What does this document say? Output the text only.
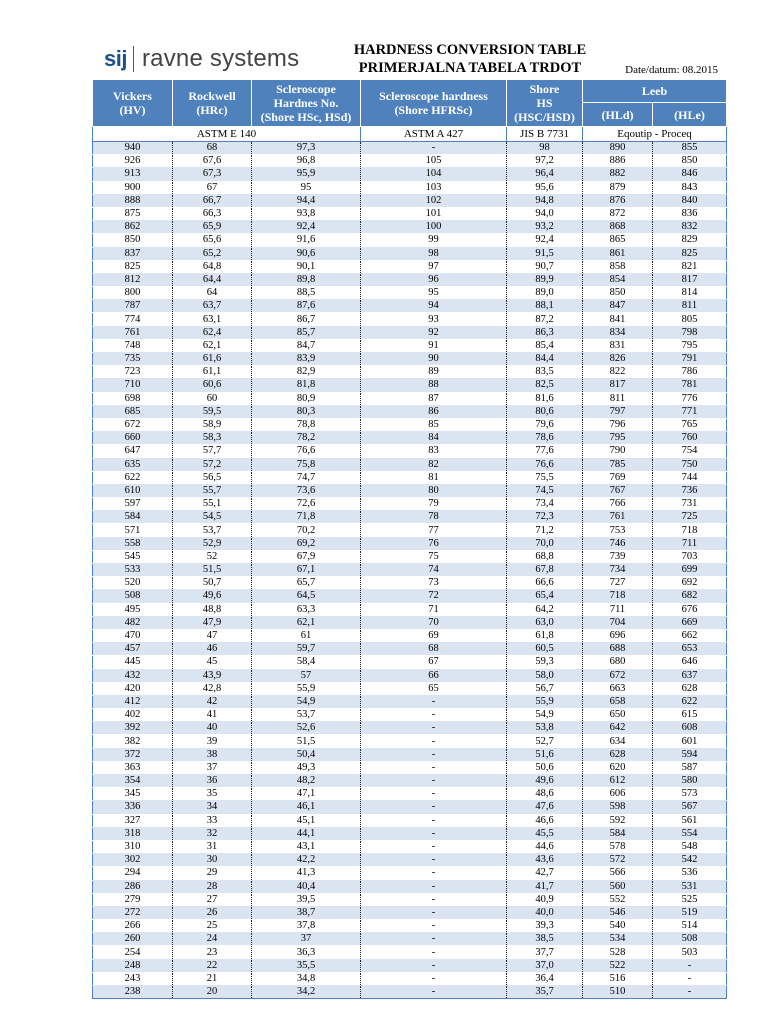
sij ravne systems	HARDNESS CONVERSION TABLE
PRIMERJALNA TABELA TRDOT	Date/datum: 08.2015
Vickers
(HV)	Rockwell
(HRc)	Scleroscope
Hardnes No.
(Shore HSc, HSd)	Scleroscope hardness
(Shore HFRSc)	Shore
HS
(HSC/HSD)	Leeb	
					(HLd)	(HLe)
ASTM E 140			ASTM A 427	JIS B 7731	Eqoutip - Proceq	
940	68	97,3	-	98	890	855
926	67,6	96,8	105	97,2	886	850
913	67,3	95,9	104	96,4	882	846
900	67	95	103	95,6	879	843
888	66,7	94,4	102	94,8	876	840
875	66,3	93,8	101	94,0	872	836
862	65,9	92,4	100	93,2	868	832
850	65,6	91,6	99	92,4	865	829
837	65,2	90,6	98	91,5	861	825
825	64,8	90,1	97	90,7	858	821
812	64,4	89,8	96	89,9	854	817
800	64	88,5	95	89,0	850	814
787	63,7	87,6	94	88,1	847	811
774	63,1	86,7	93	87,2	841	805
761	62,4	85,7	92	86,3	834	798
748	62,1	84,7	91	85,4	831	795
735	61,6	83,9	90	84,4	826	791
723	61,1	82,9	89	83,5	822	786
710	60,6	81,8	88	82,5	817	781
698	60	80,9	87	81,6	811	776
685	59,5	80,3	86	80,6	797	771
672	58,9	78,8	85	79,6	796	765
660	58,3	78,2	84	78,6	795	760
647	57,7	76,6	83	77,6	790	754
635	57,2	75,8	82	76,6	785	750
622	56,5	74,7	81	75,5	769	744
610	55,7	73,6	80	74,5	767	736
597	55,1	72,6	79	73,4	766	731
584	54,5	71,8	78	72,3	761	725
571	53,7	70,2	77	71,2	753	718
558	52,9	69,2	76	70,0	746	711
545	52	67,9	75	68,8	739	703
533	51,5	67,1	74	67,8	734	699
520	50,7	65,7	73	66,6	727	692
508	49,6	64,5	72	65,4	718	682
495	48,8	63,3	71	64,2	711	676
482	47,9	62,1	70	63,0	704	669
470	47	61	69	61,8	696	662
457	46	59,7	68	60,5	688	653
445	45	58,4	67	59,3	680	646
432	43,9	57	66	58,0	672	637
420	42,8	55,9	65	56,7	663	628
412	42	54,9	-	55,9	658	622
402	41	53,7	-	54,9	650	615
392	40	52,6	-	53,8	642	608
382	39	51,5	-	52,7	634	601
372	38	50,4	-	51,6	628	594
363	37	49,3	-	50,6	620	587
354	36	48,2	-	49,6	612	580
345	35	47,1	-	48,6	606	573
336	34	46,1	-	47,6	598	567
327	33	45,1	-	46,6	592	561
318	32	44,1	-	45,5	584	554
310	31	43,1	-	44,6	578	548
302	30	42,2	-	43,6	572	542
294	29	41,3	-	42,7	566	536
286	28	40,4	-	41,7	560	531
279	27	39,5	-	40,9	552	525
272	26	38,7	-	40,0	546	519
266	25	37,8	-	39,3	540	514
260	24	37	-	38,5	534	508
254	23	36,3	-	37,7	528	503
248	22	35,5	-	37,0	522	-
243	21	34,8	-	36,4	516	-
238	20	34,2	-	35,7	510	-
